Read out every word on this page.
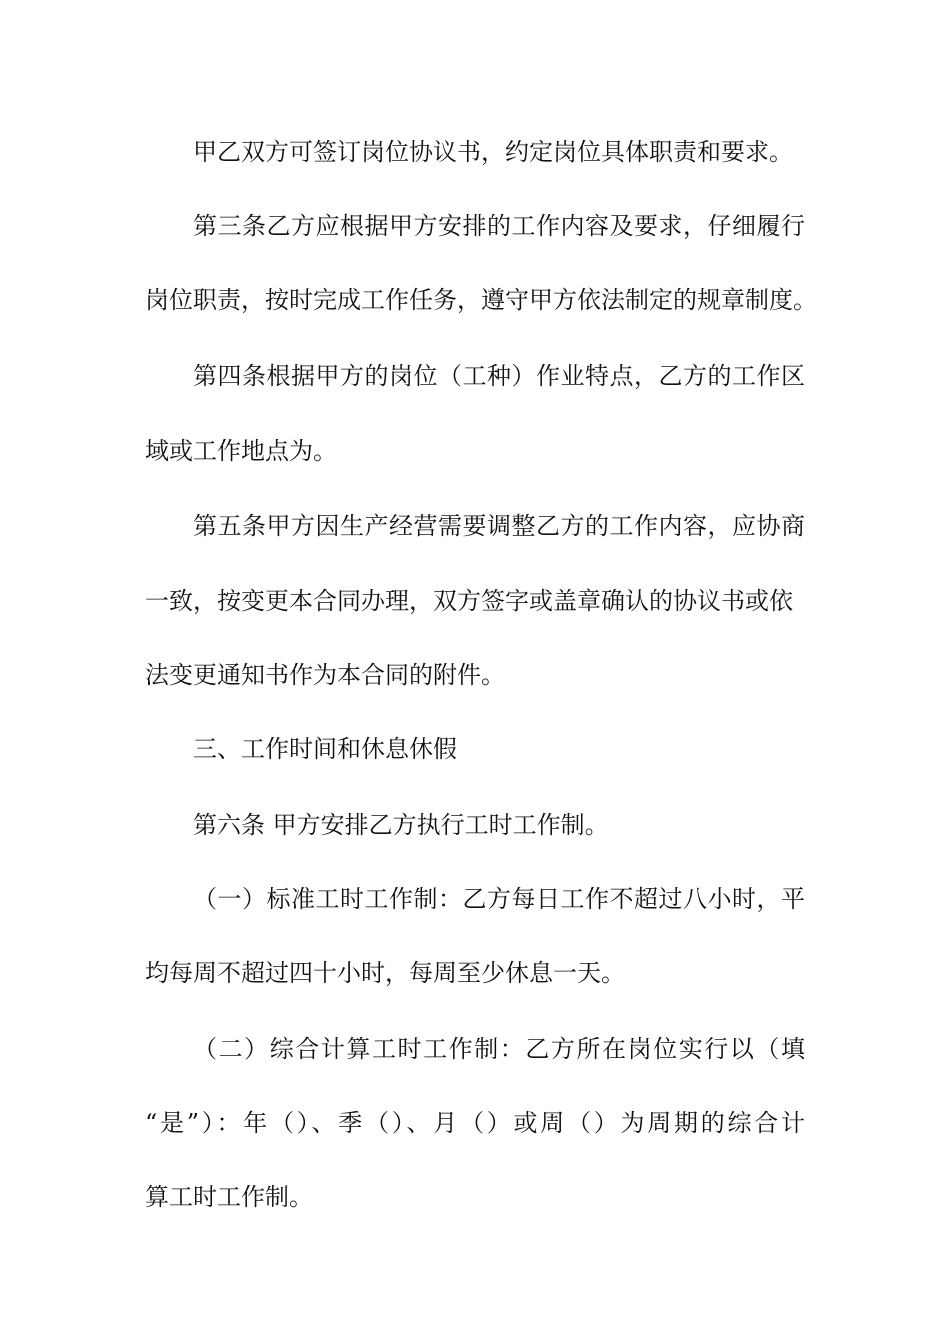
甲乙双方可签订岗位协议书，约定岗位具体职责和要求。
第三条乙方应根据甲方安排的工作内容及要求，仔细履行
岗位职责，按时完成工作任务，遵守甲方依法制定的规章制度。
第四条根据甲方的岗位（工种）作业特点，乙方的工作区
域或工作地点为。
第五条甲方因生产经营需要调整乙方的工作内容，应协商
一致，按变更本合同办理，双方签字或盖章确认的协议书或依
法变更通知书作为本合同的附件。
三、工作时间和休息休假
第六条 甲方安排乙方执行工时工作制。
（一）标准工时工作制：乙方每日工作不超过八小时，平
均每周不超过四十小时，每周至少休息一天。
（二）综合计算工时工作制：乙方所在岗位实行以（填
“是”）：年（）、季（）、月（）或周（）为周期的综合计
算工时工作制。
